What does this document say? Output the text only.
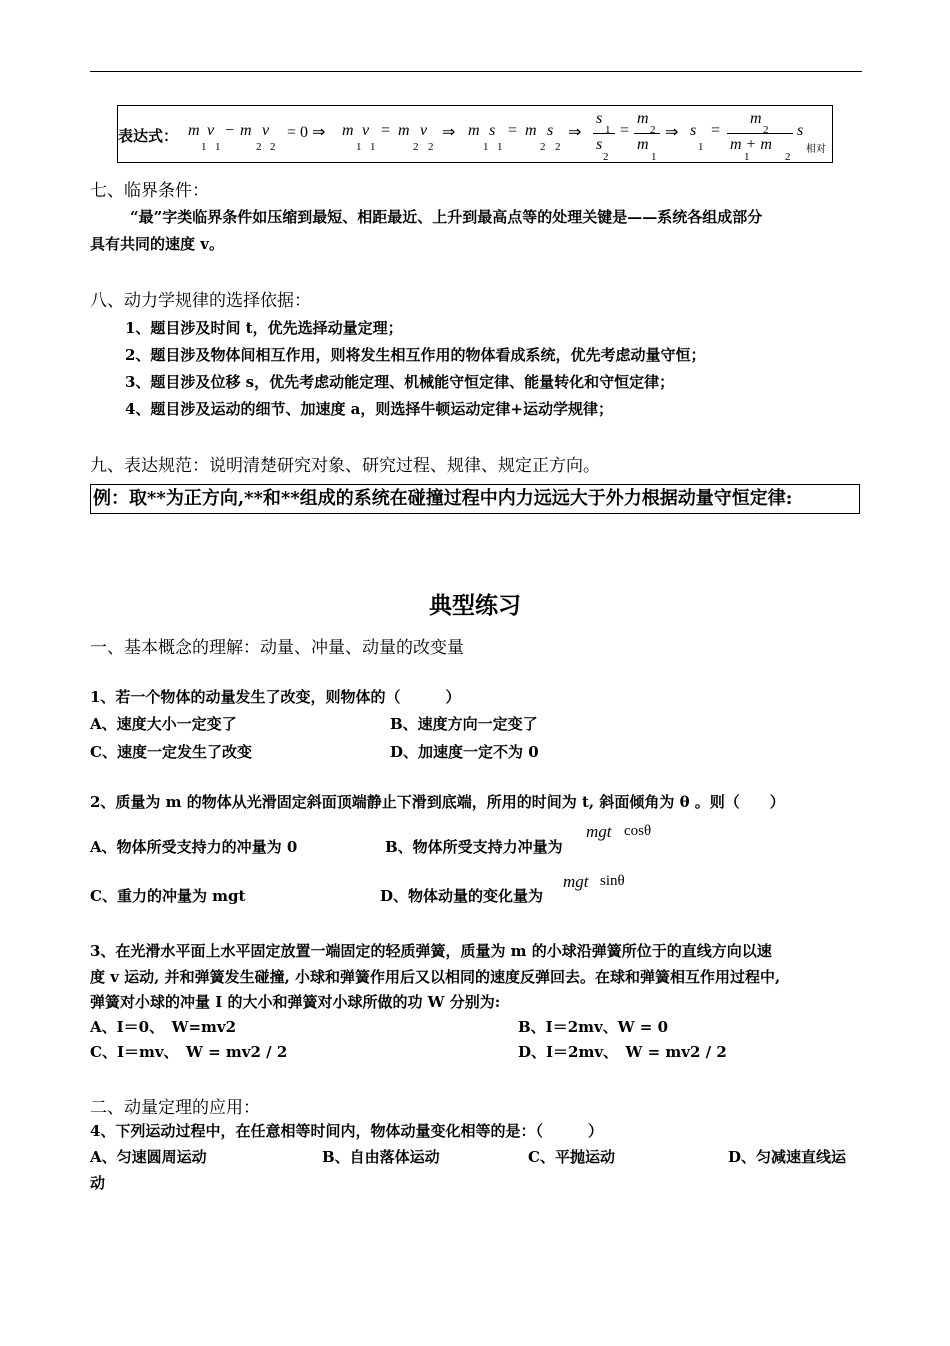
表达式： m v
1 1
− m v
2 2
= 0 ⇒ m v
1 1
= m v
2 2
⇒ m s
1 1
= m s
2 2
⇒
s
1
s
2
=
m
2
m
1
⇒ s
1
=
m
2
m + m
1	2
s
相对
七、临界条件：
“最”字类临界条件如压缩到最短、相距最近、上升到最高点等的处理关键是——系统各组成部分
具有共同的速度 v。
八、动力学规律的选择依据：
1、题目涉及时间 t，优先选择动量定理；
2、题目涉及物体间相互作用，则将发生相互作用的物体看成系统，优先考虑动量守恒；
3、题目涉及位移 s，优先考虑动能定理、机械能守恒定律、能量转化和守恒定律；
4、题目涉及运动的细节、加速度 a，则选择牛顿运动定律+运动学规律；
九、表达规范：说明清楚研究对象、研究过程、规律、规定正方向。
例：取**为正方向,**和**组成的系统在碰撞过程中内力远远大于外力根据动量守恒定律:
典型练习
一、基本概念的理解：动量、冲量、动量的改变量
1、若一个物体的动量发生了改变，则物体的（　　　）
A、速度大小一定变了	B、速度方向一定变了
C、速度一定发生了改变	D、加速度一定不为 0
2、质量为 m 的物体从光滑固定斜面顶端静止下滑到底端，所用的时间为 t, 斜面倾角为 θ 。则（　　）
A、物体所受支持力的冲量为 0	B、物体所受支持力冲量为
mgt cosθ
C、重力的冲量为 mgt	D、物体动量的变化量为
mgt sinθ
3、在光滑水平面上水平固定放置一端固定的轻质弹簧，质量为 m 的小球沿弹簧所位于的直线方向以速
度 v 运动, 并和弹簧发生碰撞, 小球和弹簧作用后又以相同的速度反弹回去。在球和弹簧相互作用过程中,
弹簧对小球的冲量 I 的大小和弹簧对小球所做的功 W 分别为:
A、I＝0、　W=mv2	B、I＝2mv、W = 0
C、I＝mv、　W = mv2 / 2	D、I＝2mv、　W = mv2 / 2
二、动量定理的应用：
4、下列运动过程中，在任意相等时间内，物体动量变化相等的是：（　　　）
A、匀速圆周运动	B、自由落体运动	C、平抛运动	D、匀减速直线运
动
